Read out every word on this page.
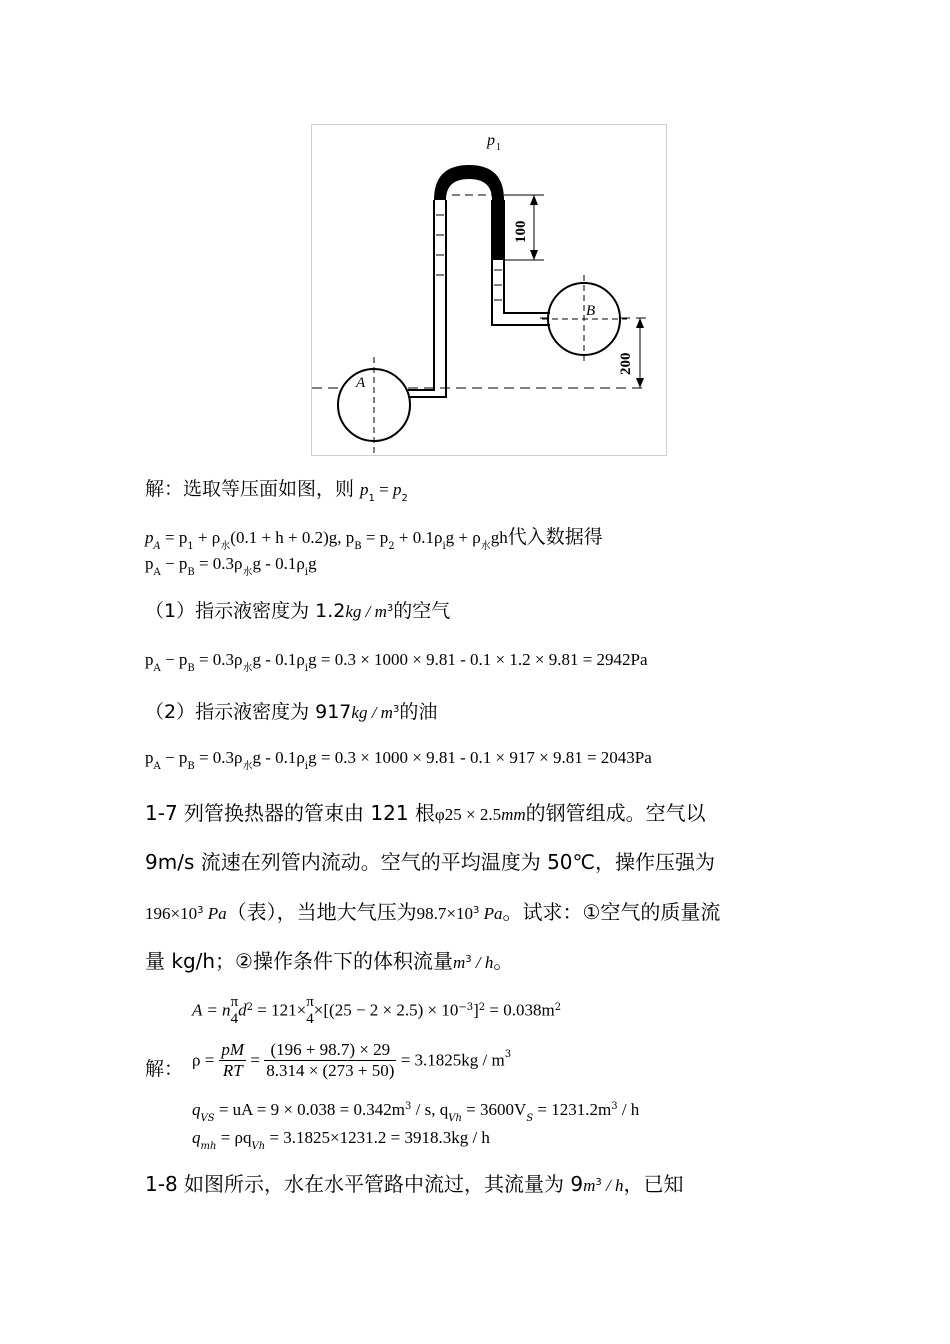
p 1
A
B
100
200
解：选取等压面如图，则 $p_1 = p_2$
$p_A = p_1 + \rho_水(0.1 + h + 0.2)g$, $p_B = p_2 + 0.1\rho_ig + \rho_水gh$代入数据得
$p_A - p_B = 0.3\rho_水g - 0.1\rho_ig$
（1）指示液密度为 $1.2kg / m^3$的空气
$p_A - p_B = 0.3\rho_水g - 0.1\rho_ig = 0.3 \times 1000 \times 9.81 - 0.1 \times 1.2 \times 9.81 = 2942Pa$
（2）指示液密度为 $917kg / m^3$的油
$p_A - p_B = 0.3\rho_水g - 0.1\rho_ig = 0.3 \times 1000 \times 9.81 - 0.1 \times 917 \times 9.81 = 2043Pa$
1-7 列管换热器的管束由 121 根φ25 × 2.5mm的钢管组成。空气以
9m/s 流速在列管内流动。空气的平均温度为 50℃，操作压强为
$196\times 10^3$ Pa（表），当地大气压为$98.7\times 10^3$ Pa。试求：①空气的质量流
量 kg/h；②操作条件下的体积流量$m^3$ / h。
A = n π
4 $d^2 = 121\times \pi$
$4 \times[(25 - 2 \times 2.5) \times 10^{-3}]^2 = 0.038m^2$
解： $\rho = \frac{pM}{RT} = \frac{(196 + 98.7) \times 29}{8.314 \times (273 + 50)} = 3.1825kg / m^3$
$q_{VS}$ = uA = $9 \times 0.038 = 0.342m^3 / s$, $q_{Vh} = 3600V_S = 1231.2m^3 / h$
$q_{mh} = \rho q_{Vh} = 3.1825\times 1231.2 = 3918.3kg / h$
1-8 如图所示，水在水平管路中流过，其流量为 $9m^3$ / h，已知
